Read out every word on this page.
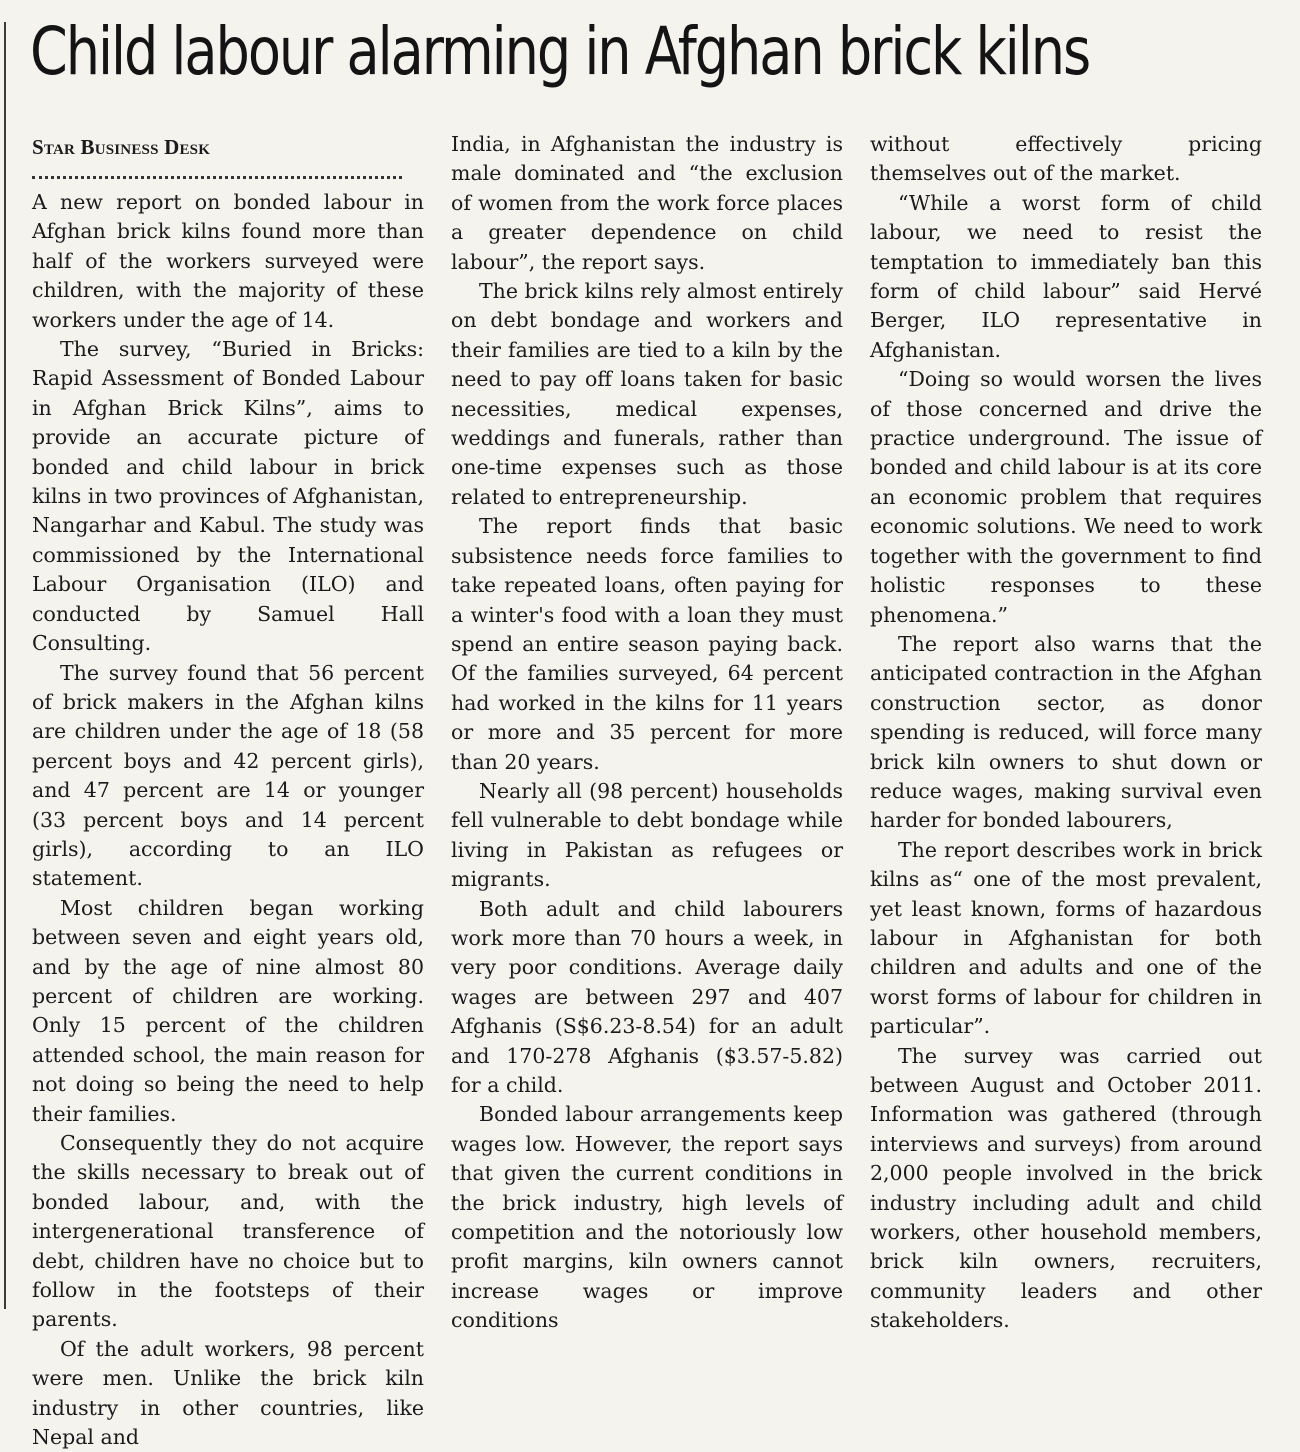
Child labour alarming in Afghan brick kilns
Star Business Desk

A new report on bonded labour in Afghan brick kilns found more than half of the workers surveyed were children, with the majority of these workers under the age of 14.

The survey, “Buried in Bricks: Rapid Assessment of Bonded Labour in Afghan Brick Kilns”, aims to provide an accurate picture of bonded and child labour in brick kilns in two provinces of Afghanistan, Nangarhar and Kabul. The study was commissioned by the International Labour Organisation (ILO) and conducted by Samuel Hall Consulting.

The survey found that 56 percent of brick makers in the Afghan kilns are children under the age of 18 (58 percent boys and 42 percent girls), and 47 percent are 14 or younger (33 percent boys and 14 percent girls), according to an ILO statement.

Most children began working between seven and eight years old, and by the age of nine almost 80 percent of children are working. Only 15 percent of the children attended school, the main reason for not doing so being the need to help their families.

Consequently they do not acquire the skills necessary to break out of bonded labour, and, with the intergenerational transference of debt, children have no choice but to follow in the footsteps of their parents.

Of the adult workers, 98 percent were men. Unlike the brick kiln industry in other countries, like Nepal and

India, in Afghanistan the industry is male dominated and “the exclusion of women from the work force places a greater dependence on child labour”, the report says.

The brick kilns rely almost entirely on debt bondage and workers and their families are tied to a kiln by the need to pay off loans taken for basic necessities, medical expenses, weddings and funerals, rather than one-time expenses such as those related to entrepreneurship.

The report finds that basic subsistence needs force families to take repeated loans, often paying for a winter's food with a loan they must spend an entire season paying back. Of the families surveyed, 64 percent had worked in the kilns for 11 years or more and 35 percent for more than 20 years.

Nearly all (98 percent) households fell vulnerable to debt bondage while living in Pakistan as refugees or migrants.

Both adult and child labourers work more than 70 hours a week, in very poor conditions. Average daily wages are between 297 and 407 Afghanis (S$6.23-8.54) for an adult and 170-278 Afghanis ($3.57-5.82) for a child.

Bonded labour arrangements keep wages low. However, the report says that given the current conditions in the brick industry, high levels of competition and the notoriously low profit margins, kiln owners cannot increase wages or improve conditions

without effectively pricing themselves out of the market.

“While a worst form of child labour, we need to resist the temptation to immediately ban this form of child labour” said Hervé Berger, ILO representative in Afghanistan.

“Doing so would worsen the lives of those concerned and drive the practice underground. The issue of bonded and child labour is at its core an economic problem that requires economic solutions. We need to work together with the government to find holistic responses to these phenomena.”

The report also warns that the anticipated contraction in the Afghan construction sector, as donor spending is reduced, will force many brick kiln owners to shut down or reduce wages, making survival even harder for bonded labourers,

The report describes work in brick kilns as“ one of the most prevalent, yet least known, forms of hazardous labour in Afghanistan for both children and adults and one of the worst forms of labour for children in particular”.

The survey was carried out between August and October 2011. Information was gathered (through interviews and surveys) from around 2,000 people involved in the brick industry including adult and child workers, other household members, brick kiln owners, recruiters, community leaders and other stakeholders.
